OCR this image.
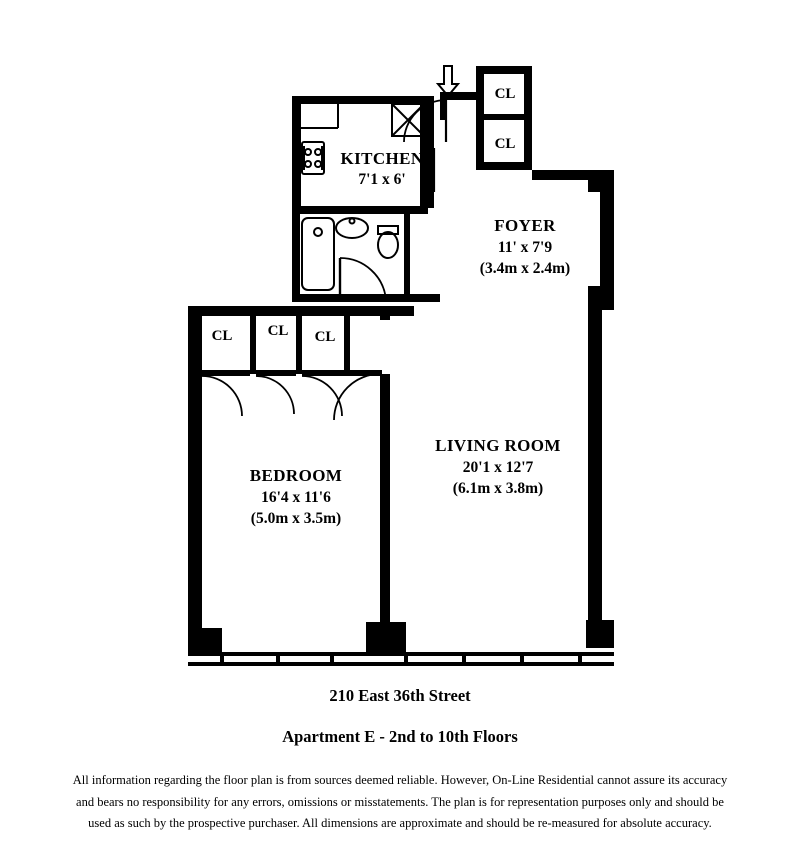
CL
CL
KITCHEN
7'1 x 6'
FOYER
11' x 7'9
(3.4m x 2.4m)
CL	CL	CL
LIVING ROOM
20'1 x 12'7
(6.1m x 3.8m)
BEDROOM
16'4 x 11'6
(5.0m x 3.5m)
210 East 36th Street
Apartment E - 2nd to 10th Floors
All information regarding the floor plan is from sources deemed reliable. However, On-Line Residential cannot assure its accuracy
and bears no responsibility for any errors, omissions or misstatements. The plan is for representation purposes only and should be
used as such by the prospective purchaser. All dimensions are approximate and should be re-measured for absolute accuracy.
